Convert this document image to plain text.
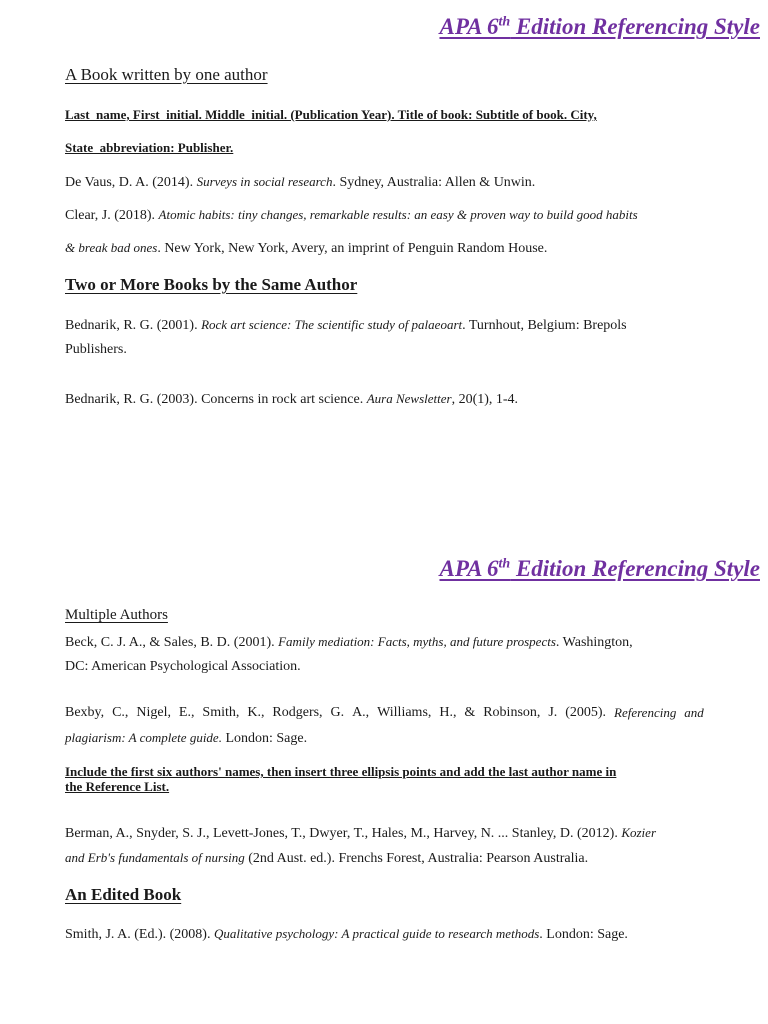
APA 6th Edition Referencing Style
A Book written by one author
Last_name, First_initial. Middle_initial. (Publication Year). Title of book: Subtitle of book. City,
State_abbreviation: Publisher.
De Vaus, D. A. (2014). Surveys in social research. Sydney, Australia: Allen & Unwin.
Clear, J. (2018). Atomic habits: tiny changes, remarkable results: an easy & proven way to build good habits
& break bad ones. New York, New York, Avery, an imprint of Penguin Random House.
Two or More Books by the Same Author
Bednarik, R. G. (2001). Rock art science: The scientific study of palaeoart. Turnhout, Belgium: Brepols
Publishers.
Bednarik, R. G. (2003). Concerns in rock art science. Aura Newsletter, 20(1), 1-4.
APA 6th Edition Referencing Style
Multiple Authors
Beck, C. J. A., & Sales, B. D. (2001). Family mediation: Facts, myths, and future prospects. Washington,
DC: American Psychological Association.
Bexby, C., Nigel, E., Smith, K., Rodgers, G. A., Williams, H., & Robinson, J. (2005). Referencing and
plagiarism: A complete guide. London: Sage.
Include the first six authors' names, then insert three ellipsis points and add the last author name in
the Reference List.
Berman, A., Snyder, S. J., Levett-Jones, T., Dwyer, T., Hales, M., Harvey, N. ... Stanley, D. (2012). Kozier
and Erb's fundamentals of nursing (2nd Aust. ed.). Frenchs Forest, Australia: Pearson Australia.
An Edited Book
Smith, J. A. (Ed.). (2008). Qualitative psychology: A practical guide to research methods. London: Sage.
